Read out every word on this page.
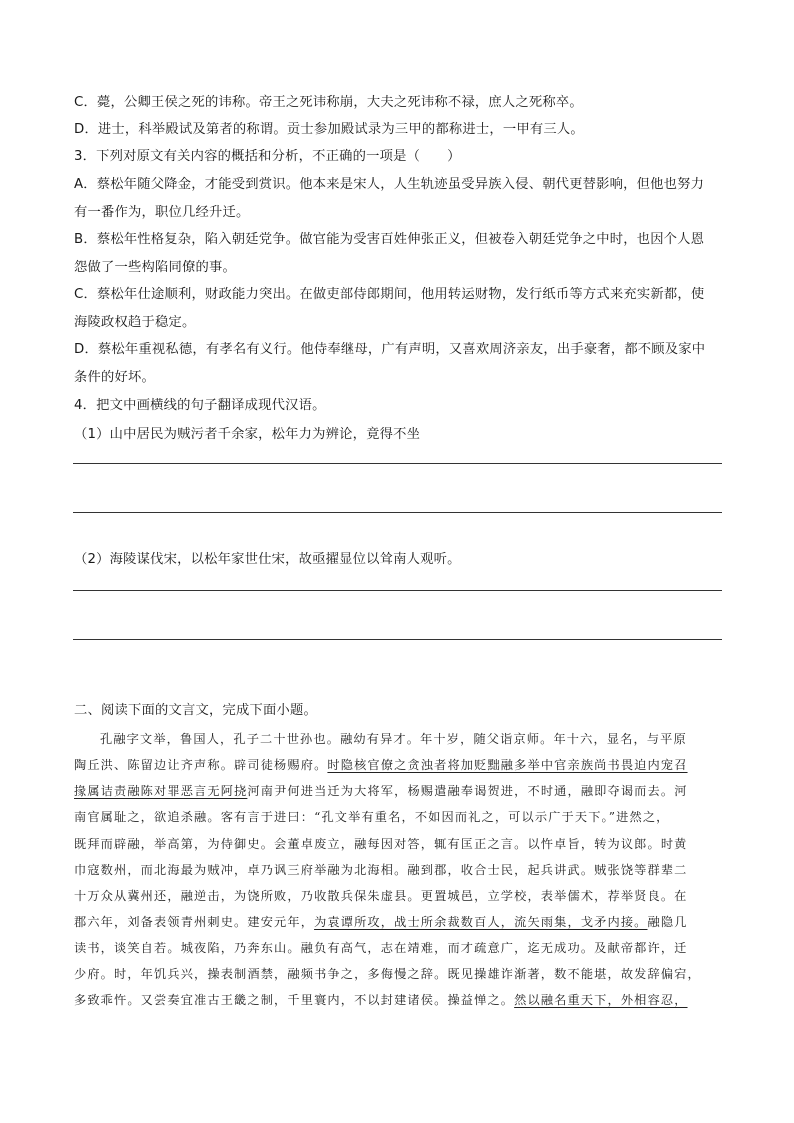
C．薨，公卿王侯之死的讳称。帝王之死讳称崩，大夫之死讳称不禄，庶人之死称卒。
D．进士，科举殿试及第者的称谓。贡士参加殿试录为三甲的都称进士，一甲有三人。
3．下列对原文有关内容的概括和分析，不正确的一项是（　　）
A．蔡松年随父降金，才能受到赏识。他本来是宋人，人生轨迹虽受异族入侵、朝代更替影响，但他也努力
有一番作为，职位几经升迁。
B．蔡松年性格复杂，陷入朝廷党争。做官能为受害百姓伸张正义，但被卷入朝廷党争之中时，也因个人恩
怨做了一些构陷同僚的事。
C．蔡松年仕途顺利，财政能力突出。在做吏部侍郎期间，他用转运财物，发行纸币等方式来充实新都，使
海陵政权趋于稳定。
D．蔡松年重视私德，有孝名有义行。他侍奉继母，广有声明，又喜欢周济亲友，出手豪奢，都不顾及家中
条件的好坏。
4．把文中画横线的句子翻译成现代汉语。
（1）山中居民为贼污者千余家，松年力为辨论，竟得不坐
（2）海陵谋伐宋，以松年家世仕宋，故亟擢显位以耸南人观听。
二、阅读下面的文言文，完成下面小题。
孔融字文举，鲁国人，孔子二十世孙也。融幼有异才。年十岁，随父诣京师。年十六，显名，与平原
陶丘洪、陈留边让齐声称。辟司徒杨赐府。时隐核官僚之贪浊者将加贬黜融多举中官亲族尚书畏迫内宠召
掾属诘责融陈对罪恶言无阿挠河南尹何进当迁为大将军，杨赐遣融奉谒贺进，不时通，融即夺谒而去。河
南官属耻之，欲追杀融。客有言于进曰：“孔文举有重名，不如因而礼之，可以示广于天下。”进然之，
既拜而辟融，举高第，为侍御史。会董卓废立，融每因对答，辄有匡正之言。以忤卓旨，转为议郎。时黄
巾寇数州，而北海最为贼冲，卓乃讽三府举融为北海相。融到郡，收合士民，起兵讲武。贼张饶等群辈二
十万众从冀州还，融逆击，为饶所败，乃收散兵保朱虚县。更置城邑，立学校，表举儒术，荐举贤良。在
郡六年，刘备表领青州刺史。建安元年，为袁谭所攻，战士所余裁数百人，流矢雨集，戈矛内接。融隐几
读书，谈笑自若。城夜陷，乃奔东山。融负有高气，志在靖难，而才疏意广，迄无成功。及献帝都许，迁
少府。时，年饥兵兴，操表制酒禁，融频书争之，多侮慢之辞。既见操雄诈渐著，数不能堪，故发辞偏宕，
多致乖忤。又尝奏宜准古王畿之制，千里寰内，不以封建诸侯。操益惮之。然以融名重天下，外相容忍，
